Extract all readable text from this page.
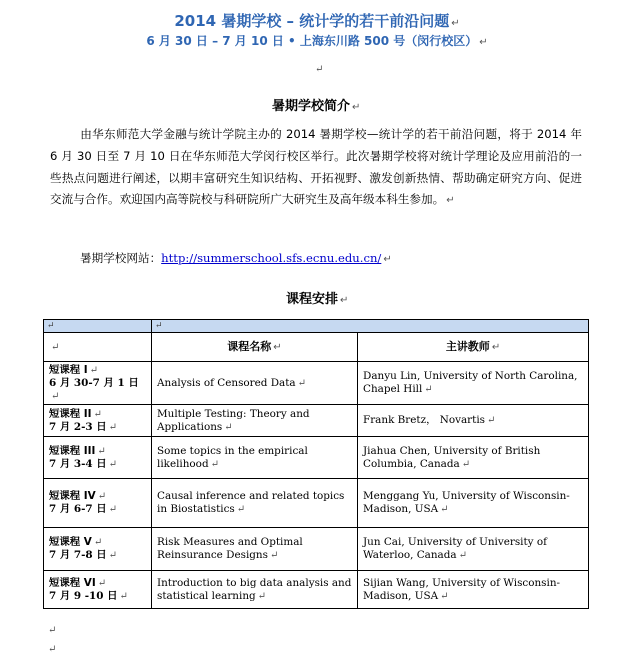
2014 暑期学校 – 统计学的若干前沿问题 ↵
6 月 30 日 – 7 月 10 日 • 上海东川路 500 号（闵行校区） ↵
↵
暑期学校简介 ↵
由华东师范大学金融与统计学院主办的 2014 暑期学校—统计学的若干前沿问题，将于 2014 年 6 月 30 日至 7 月 10 日在华东师范大学闵行校区举行。此次暑期学校将对统计学理论及应用前沿的一些热点问题进行阐述，以期丰富研究生知识结构、开拓视野、激发创新热情、帮助确定研究方向、促进交流与合作。欢迎国内高等院校与科研院所广大研究生及高年级本科生参加。 ↵
暑期学校网站：http://summerschool.sfs.ecnu.edu.cn/ ↵
课程安排 ↵
↵	↵	
↵	课程名称 ↵	主讲教师 ↵
短课程 I ↵
6 月 30-7 月 1 日↵	Analysis of Censored Data ↵	Danyu Lin, University of North Carolina, Chapel Hill ↵
短课程 II ↵
7 月 2-3 日 ↵	Multiple Testing: Theory and Applications ↵	Frank Bretz， Novartis ↵
短课程 III ↵
7 月 3-4 日 ↵	Some topics in the empirical likelihood ↵	Jiahua Chen, University of British Columbia, Canada ↵
短课程 IV ↵
7 月 6-7 日 ↵	Causal inference and related topics in Biostatistics ↵	Menggang Yu, University of Wisconsin-Madison, USA ↵
短课程 V ↵
7 月 7-8 日 ↵	Risk Measures and Optimal Reinsurance Designs ↵	Jun Cai, University of University of Waterloo, Canada ↵
短课程 VI ↵
7 月 9 -10 日 ↵	Introduction to big data analysis and statistical learning ↵	Sijian Wang, University of Wisconsin-Madison, USA ↵
↵
↵
